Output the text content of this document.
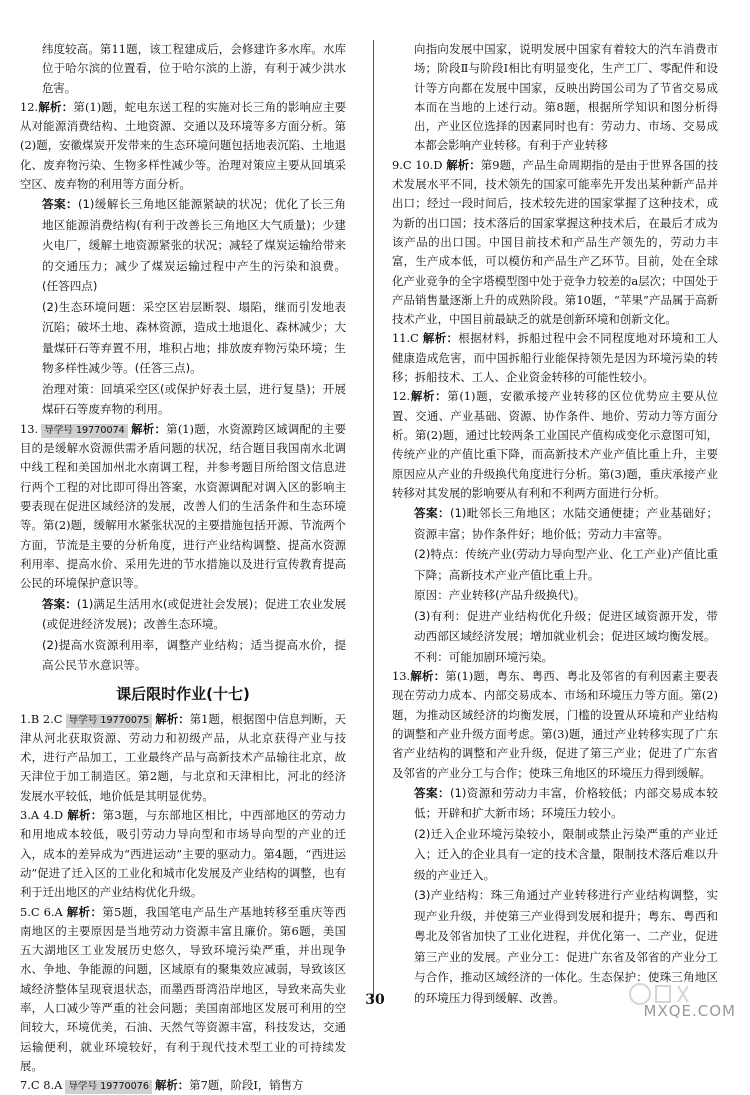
纬度较高。第11题，该工程建成后，会修建许多水库。水库位于哈尔滨的位置看，位于哈尔滨的上游，有利于减少洪水危害。

12.解析：第(1)题，蛇电东送工程的实施对长三角的影响应主要从对能源消费结构、土地资源、交通以及环境等多方面分析。第(2)题，安徽煤炭开发带来的生态环境问题包括地表沉陷、土地退化、废弃物污染、生物多样性减少等。治理对策应主要从回填采空区、废弃物的利用等方面分析。

答案：(1)缓解长三角地区能源紧缺的状况；优化了长三角地区能源消费结构(有利于改善长三角地区大气质量)；少建火电厂，缓解土地资源紧张的状况；减轻了煤炭运输给带来的交通压力；减少了煤炭运输过程中产生的污染和浪费。(任答四点)

(2)生态环境问题：采空区岩层断裂、塌陷，继而引发地表沉陷；破坏土地、森林资源，造成土地退化、森林减少；大量煤矸石等弃置不用，堆积占地；排放废弃物污染环境；生物多样性减少等。(任答三点)。

治理对策：回填采空区(或保护好表土层，进行复垦)；开展煤矸石等废弃物的利用。

13. 导学号 19770074 解析：第(1)题，水资源跨区域调配的主要目的是缓解水资源供需矛盾问题的状况，结合题目我国南水北调中线工程和美国加州北水南调工程，并参考题目所给图文信息进行两个工程的对比即可得出答案，水资源调配对调入区的影响主要表现在促进区域经济的发展，改善人们的生活条件和生态环境等。第(2)题，缓解用水紧张状况的主要措施包括开源、节流两个方面，节流是主要的分析角度，进行产业结构调整、提高水资源利用率、提高水价、采用先进的节水措施以及进行宣传教育提高公民的环境保护意识等。

答案：(1)满足生活用水(或促进社会发展)；促进工农业发展(或促进经济发展)；改善生态环境。

(2)提高水资源利用率，调整产业结构；适当提高水价，提高公民节水意识等。

课后限时作业(十七)

1.B 2.C 导学号 19770075 解析：第1题，根据图中信息判断，天津从河北获取资源、劳动力和初级产品，从北京获得产业与技术，进行产品加工，工业最终产品与高新技术产品输往北京，故天津位于加工制造区。第2题，与北京和天津相比，河北的经济发展水平较低，地价低是其明显优势。

3.A 4.D 解析：第3题，与东部地区相比，中西部地区的劳动力和用地成本较低，吸引劳动力导向型和市场导向型的产业的迁入，成本的差异成为“西进运动”主要的驱动力。第4题，“西进运动”促进了迁入区的工业化和城市化发展及产业结构的调整，也有利于迁出地区的产业结构优化升级。

5.C 6.A 解析：第5题，我国笔电产品生产基地转移至重庆等西南地区的主要原因是当地劳动力资源丰富且廉价。第6题，美国五大湖地区工业发展历史悠久，导致环境污染严重，并出现争水、争地、争能源的问题，区域原有的聚集效应减弱，导致该区域经济整体呈现衰退状态，而墨西哥湾沿岸地区，导致来高失业率，人口减少等严重的社会问题；美国南部地区发展可利用的空间较大，环境优美，石油、天然气等资源丰富，科技发达，交通运输便利，就业环境较好，有利于现代技术型工业的可持续发展。

7.C 8.A 导学号 19770076 解析：第7题，阶段Ⅰ，销售方

向指向发展中国家，说明发展中国家有着较大的汽车消费市场；阶段Ⅱ与阶段Ⅰ相比有明显变化，生产工厂、零配件和设计等方向都在发展中国家，反映出跨国公司为了节省交易成本而在当地的上述行动。第8题，根据所学知识和图分析得出，产业区位选择的因素同时也有：劳动力、市场、交易成本都会影响产业转移。有利于产业转移

9.C 10.D 解析：第9题，产品生命周期指的是由于世界各国的技术发展水平不同，技术领先的国家可能率先开发出某种新产品并出口；经过一段时间后，技术较先进的国家掌握了这种技术，成为新的出口国；技术落后的国家掌握这种技术后，在最后才成为该产品的出口国。中国目前技术和产品生产领先的，劳动力丰富，生产成本低，可以模仿和产品生产乙环节。目前，处在全球化产业竞争的全字塔模型图中处于竞争力较差的a层次；中国处于产品销售量逐渐上升的成熟阶段。第10题，“苹果”产品属于高新技术产业，中国目前最缺乏的就是创新环境和创新文化。

11.C 解析：根据材料，拆船过程中会不同程度地对环境和工人健康造成危害，而中国拆船行业能保持领先是因为环境污染的转移；拆船技术、工人、企业资金转移的可能性较小。

12.解析：第(1)题，安徽承接产业转移的区位优势应主要从位置、交通、产业基础、资源、协作条件、地价、劳动力等方面分析。第(2)题，通过比较两条工业国民产值构成变化示意图可知，传统产业的产值比重下降，而高新技术产业产值比重上升，主要原因应从产业的升级换代角度进行分析。第(3)题，重庆承接产业转移对其发展的影响要从有利和不利两方面进行分析。

答案：(1)毗邻长三角地区；水陆交通便捷；产业基础好；资源丰富；协作条件好；地价低；劳动力丰富等。

(2)特点：传统产业(劳动力导向型产业、化工产业)产值比重下降；高新技术产业产值比重上升。

原因：产业转移(产品升级换代)。

(3)有利：促进产业结构优化升级；促进区域资源开发，带动西部区域经济发展；增加就业机会；促进区域均衡发展。

不利：可能加剧环境污染。

13.解析：第(1)题，粤东、粤西、粤北及邻省的有利因素主要表现在劳动力成本、内部交易成本、市场和环境压力等方面。第(2)题，为推动区域经济的均衡发展，门槛的设置从环境和产业结构的调整和产业升级方面考虑。第(3)题，通过产业转移实现了广东省产业结构的调整和产业升级，促进了第三产业；促进了广东省及邻省的产业分工与合作；使珠三角地区的环境压力得到缓解。

答案：(1)资源和劳动力丰富，价格较低；内部交易成本较低；开辟和扩大新市场；环境压力较小。

(2)迁入企业环境污染较小，限制或禁止污染严重的产业迁入；迁入的企业具有一定的技术含量，限制技术落后难以升级的产业迁入。

(3)产业结构：珠三角通过产业转移进行产业结构调整，实现产业升级，并使第三产业得到发展和提升；粤东、粤西和粤北及邻省加快了工业化进程，并优化第一、二产业，促进第三产业的发展。产业分工：促进广东省及邻省的产业分工与合作，推动区域经济的一体化。生态保护：使珠三角地区的环境压力得到缓解、改善。

30
MXQE.COM
